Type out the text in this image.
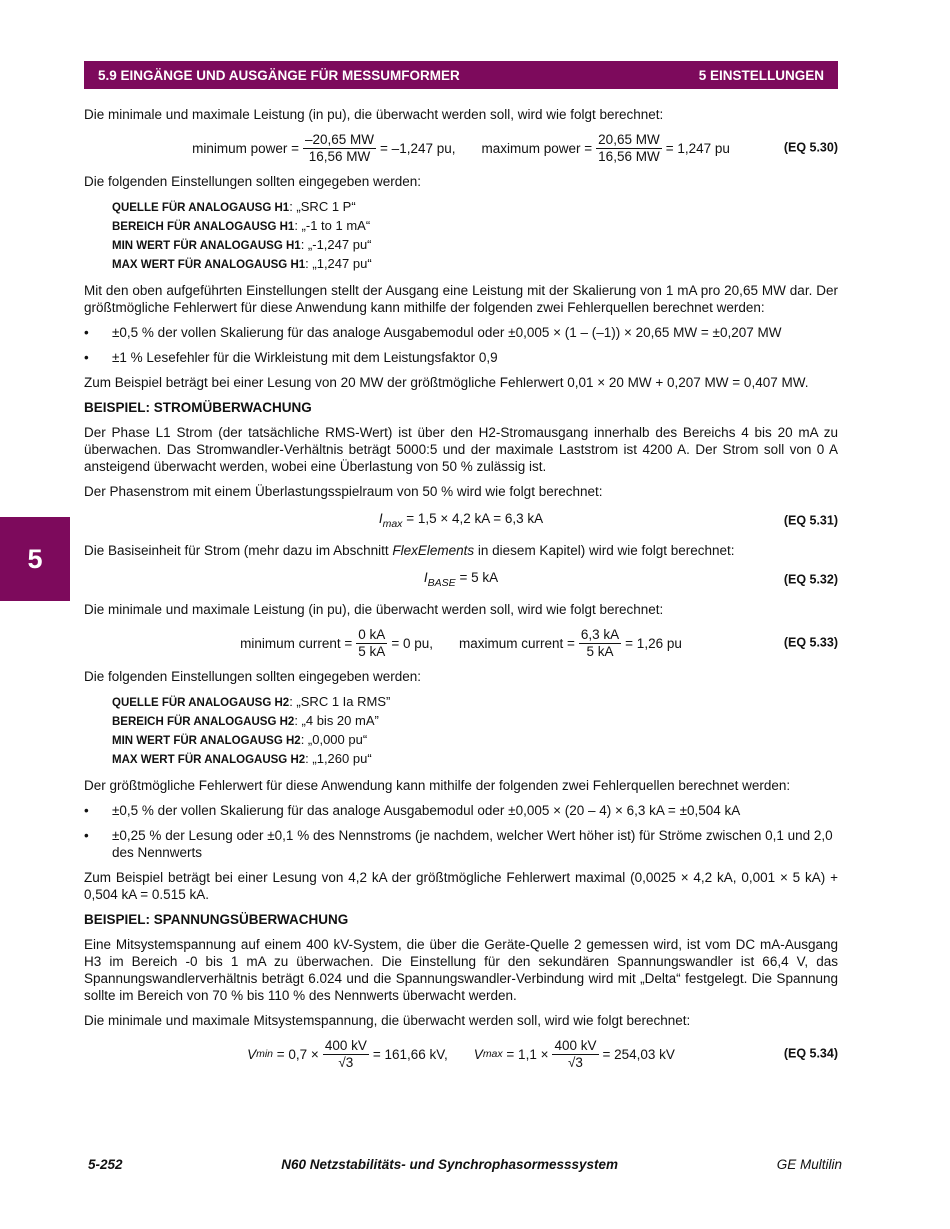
5.9 EINGÄNGE UND AUSGÄNGE FÜR MESSUMFORMER	5 EINSTELLUNGEN
5

Die minimale und maximale Leistung (in pu), die überwacht werden soll, wird wie folgt berechnet:

minimum power = $\frac{-20,65 MW}{16,56 MW} = -1,247$ pu, maximum power = $\frac{20,65 MW}{16,56 MW} = 1,247$ pu	(EQ 5.30)

Die folgenden Einstellungen sollten eingegeben werden:

QUELLE FÜR ANALOGAUSG H1: „SRC 1 P“
BEREICH FÜR ANALOGAUSG H1: „-1 to 1 mA“
MIN WERT FÜR ANALOGAUSG H1: „-1,247 pu“
MAX WERT FÜR ANALOGAUSG H1: „1,247 pu“

Mit den oben aufgeführten Einstellungen stellt der Ausgang eine Leistung mit der Skalierung von 1 mA pro 20,65 MW dar. Der größtmögliche Fehlerwert für diese Anwendung kann mithilfe der folgenden zwei Fehlerquellen berechnet werden:

•	±0,5 % der vollen Skalierung für das analoge Ausgabemodul oder ±0,005 × (1 – (–1)) × 20,65 MW = ±0,207 MW
•	±1 % Lesefehler für die Wirkleistung mit dem Leistungsfaktor 0,9

Zum Beispiel beträgt bei einer Lesung von 20 MW der größtmögliche Fehlerwert 0,01 × 20 MW + 0,207 MW = 0,407 MW.

BEISPIEL: STROMÜBERWACHUNG

Der Phase L1 Strom (der tatsächliche RMS-Wert) ist über den H2-Stromausgang innerhalb des Bereichs 4 bis 20 mA zu überwachen. Das Stromwandler-Verhältnis beträgt 5000:5 und der maximale Laststrom ist 4200 A. Der Strom soll von 0 A ansteigend überwacht werden, wobei eine Überlastung von 50 % zulässig ist.

Der Phasenstrom mit einem Überlastungsspielraum von 50 % wird wie folgt berechnet:

$I_{max} = 1,5 \times 4,2$ kA = 6,3 kA	(EQ 5.31)

Die Basiseinheit für Strom (mehr dazu im Abschnitt FlexElements in diesem Kapitel) wird wie folgt berechnet:

$I_{BASE} = 5$ kA	(EQ 5.32)

Die minimale und maximale Leistung (in pu), die überwacht werden soll, wird wie folgt berechnet:

minimum current = $\frac{0 kA}{5 kA} = 0$ pu, maximum current = $\frac{6,3 kA}{5 kA} = 1,26$ pu	(EQ 5.33)

Die folgenden Einstellungen sollten eingegeben werden:

QUELLE FÜR ANALOGAUSG H2: „SRC 1 Ia RMS”
BEREICH FÜR ANALOGAUSG H2: „4 bis 20 mA”
MIN WERT FÜR ANALOGAUSG H2: „0,000 pu“
MAX WERT FÜR ANALOGAUSG H2: „1,260 pu“

Der größtmögliche Fehlerwert für diese Anwendung kann mithilfe der folgenden zwei Fehlerquellen berechnet werden:

•	±0,5 % der vollen Skalierung für das analoge Ausgabemodul oder ±0,005 × (20 – 4) × 6,3 kA = ±0,504 kA
•	±0,25 % der Lesung oder ±0,1 % des Nennstroms (je nachdem, welcher Wert höher ist) für Ströme zwischen 0,1 und 2,0 des Nennwerts

Zum Beispiel beträgt bei einer Lesung von 4,2 kA der größtmögliche Fehlerwert maximal (0,0025 × 4,2 kA, 0,001 × 5 kA) + 0,504 kA = 0.515 kA.

BEISPIEL: SPANNUNGSÜBERWACHUNG

Eine Mitsystemspannung auf einem 400 kV-System, die über die Geräte-Quelle 2 gemessen wird, ist vom DC mA-Ausgang H3 im Bereich -0 bis 1 mA zu überwachen. Die Einstellung für den sekundären Spannungswandler ist 66,4 V, das Spannungswandlerverhältnis beträgt 6.024 und die Spannungswandler-Verbindung wird mit „Delta“ festgelegt. Die Spannung sollte im Bereich von 70 % bis 110 % des Nennwerts überwacht werden.

Die minimale und maximale Mitsystemspannung, die überwacht werden soll, wird wie folgt berechnet:

V min
= $0,7 \times \frac{400 kV}{√3} = 161,66$ kV, V max
= $1,1 \times \frac{400 kV}{√3} = 254,03$ kV	(EQ 5.34)
5-252	N60 Netzstabilitäts- und Synchrophasormesssystem	GE Multilin
